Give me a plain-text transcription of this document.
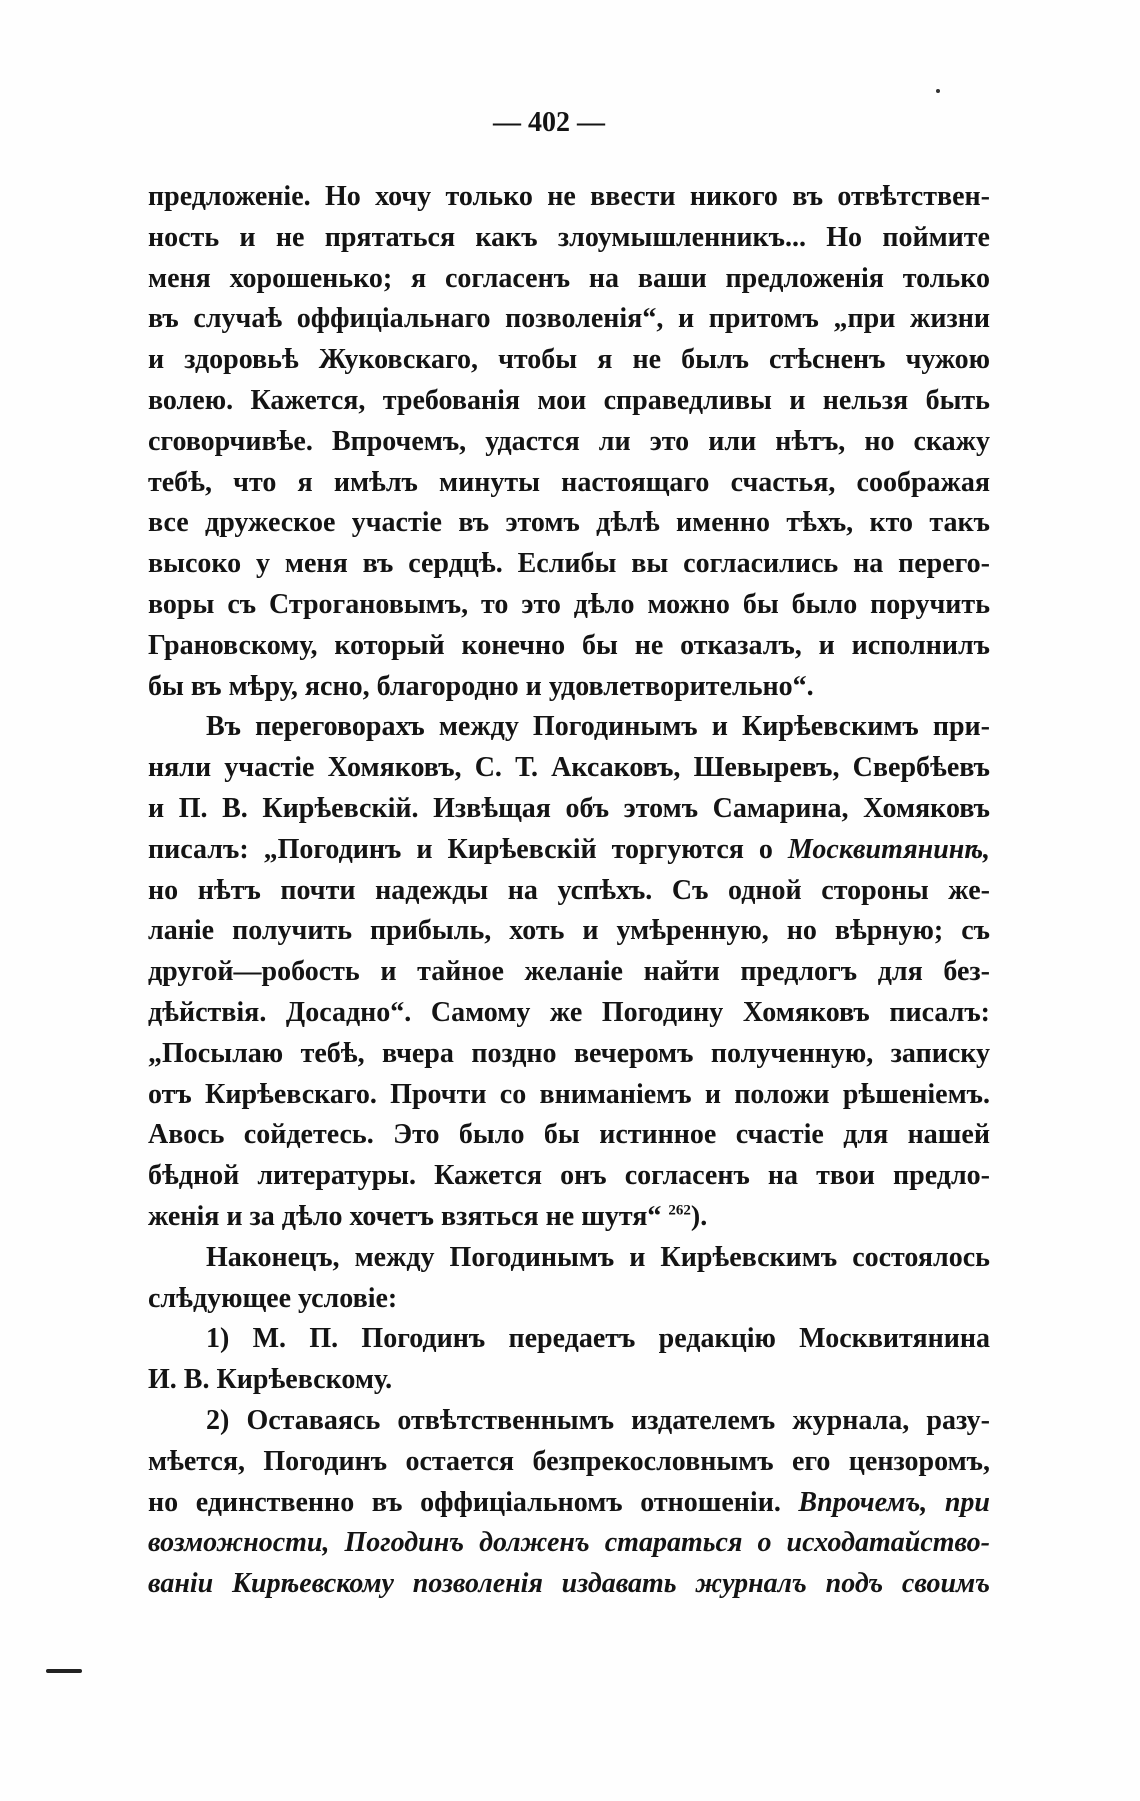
— 402 —
предложеніе. Но хочу только не ввести никого въ отвѣтствен-
ность и не прятаться какъ злоумышленникъ... Но поймите
меня хорошенько; я согласенъ на ваши предложенія только
въ случаѣ оффиціальнаго позволенія“, и притомъ „при жизни
и здоровьѣ Жуковскаго, чтобы я не былъ стѣсненъ чужою
волею. Кажется, требованія мои справедливы и нельзя быть
сговорчивѣе. Впрочемъ, удастся ли это или нѣтъ, но скажу
тебѣ, что я имѣлъ минуты настоящаго счастья, соображая
все дружеское участіе въ этомъ дѣлѣ именно тѣхъ, кто такъ
высоко у меня въ сердцѣ. Еслибы вы согласились на перего-
воры съ Строгановымъ, то это дѣло можно бы было поручить
Грановскому, который конечно бы не отказалъ, и исполнилъ
бы въ мѣру, ясно, благородно и удовлетворительно“.
Въ переговорахъ между Погодинымъ и Кирѣевскимъ при-
няли участіе Хомяковъ, С. Т. Аксаковъ, Шевыревъ, Свербѣевъ
и П. В. Кирѣевскій. Извѣщая объ этомъ Самарина, Хомяковъ
писалъ: „Погодинъ и Кирѣевскій торгуются о Москвитянинѣ,
но нѣтъ почти надежды на успѣхъ. Съ одной стороны же-
ланіе получить прибыль, хоть и умѣренную, но вѣрную; съ
другой—робость и тайное желаніе найти предлогъ для без-
дѣйствія. Досадно“. Самому же Погодину Хомяковъ писалъ:
„Посылаю тебѣ, вчера поздно вечеромъ полученную, записку
отъ Кирѣевскаго. Прочти со вниманіемъ и положи рѣшеніемъ.
Авось сойдетесь. Это было бы истинное счастіе для нашей
бѣдной литературы. Кажется онъ согласенъ на твои предло-
женія и за дѣло хочетъ взяться не шутя“ $^{262}$).
Наконецъ, между Погодинымъ и Кирѣевскимъ состоялось
слѣдующее условіе:
1) М. П. Погодинъ передаетъ редакцію Москвитянина
И. В. Кирѣевскому.
2) Оставаясь отвѣтственнымъ издателемъ журнала, разу-
мѣется, Погодинъ остается безпрекословнымъ его цензоромъ,
но единственно въ оффиціальномъ отношеніи. Впрочемъ, при
возможности, Погодинъ долженъ стараться о исходатайство-
ваніи Кирѣевскому позволенія издавать журналъ подъ своимъ
